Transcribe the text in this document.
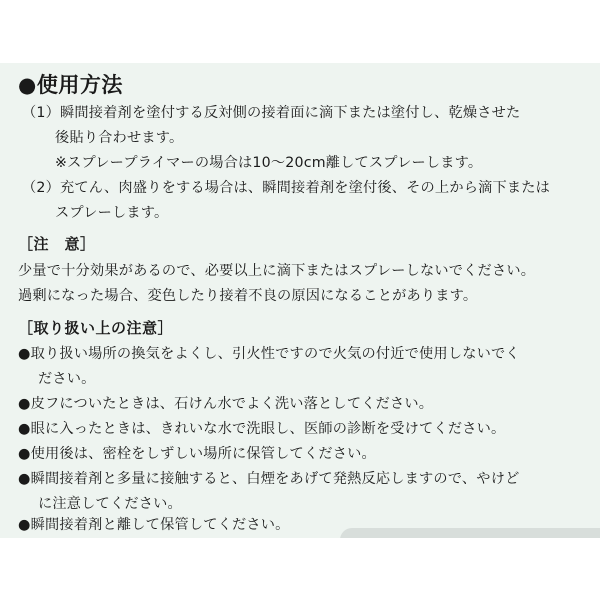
●使用方法
（1）瞬間接着剤を塗付する反対側の接着面に滴下または塗付し、乾燥させた
後貼り合わせます。
※スプレープライマーの場合は10～20cm離してスプレーします。
（2）充てん、肉盛りをする場合は、瞬間接着剤を塗付後、その上から滴下または
スプレーします。
［注　意］
少量で十分効果があるので、必要以上に滴下またはスプレーしないでください。
過剰になった場合、変色したり接着不良の原因になることがあります。
［取り扱い上の注意］
●取り扱い場所の換気をよくし、引火性ですので火気の付近で使用しないでく
ださい。
●皮フについたときは、石けん水でよく洗い落としてください。
●眼に入ったときは、きれいな水で洗眼し、医師の診断を受けてください。
●使用後は、密栓をしずしい場所に保管してください。
●瞬間接着剤と多量に接触すると、白煙をあげて発熱反応しますので、やけど
に注意してください。
●瞬間接着剤と離して保管してください。
